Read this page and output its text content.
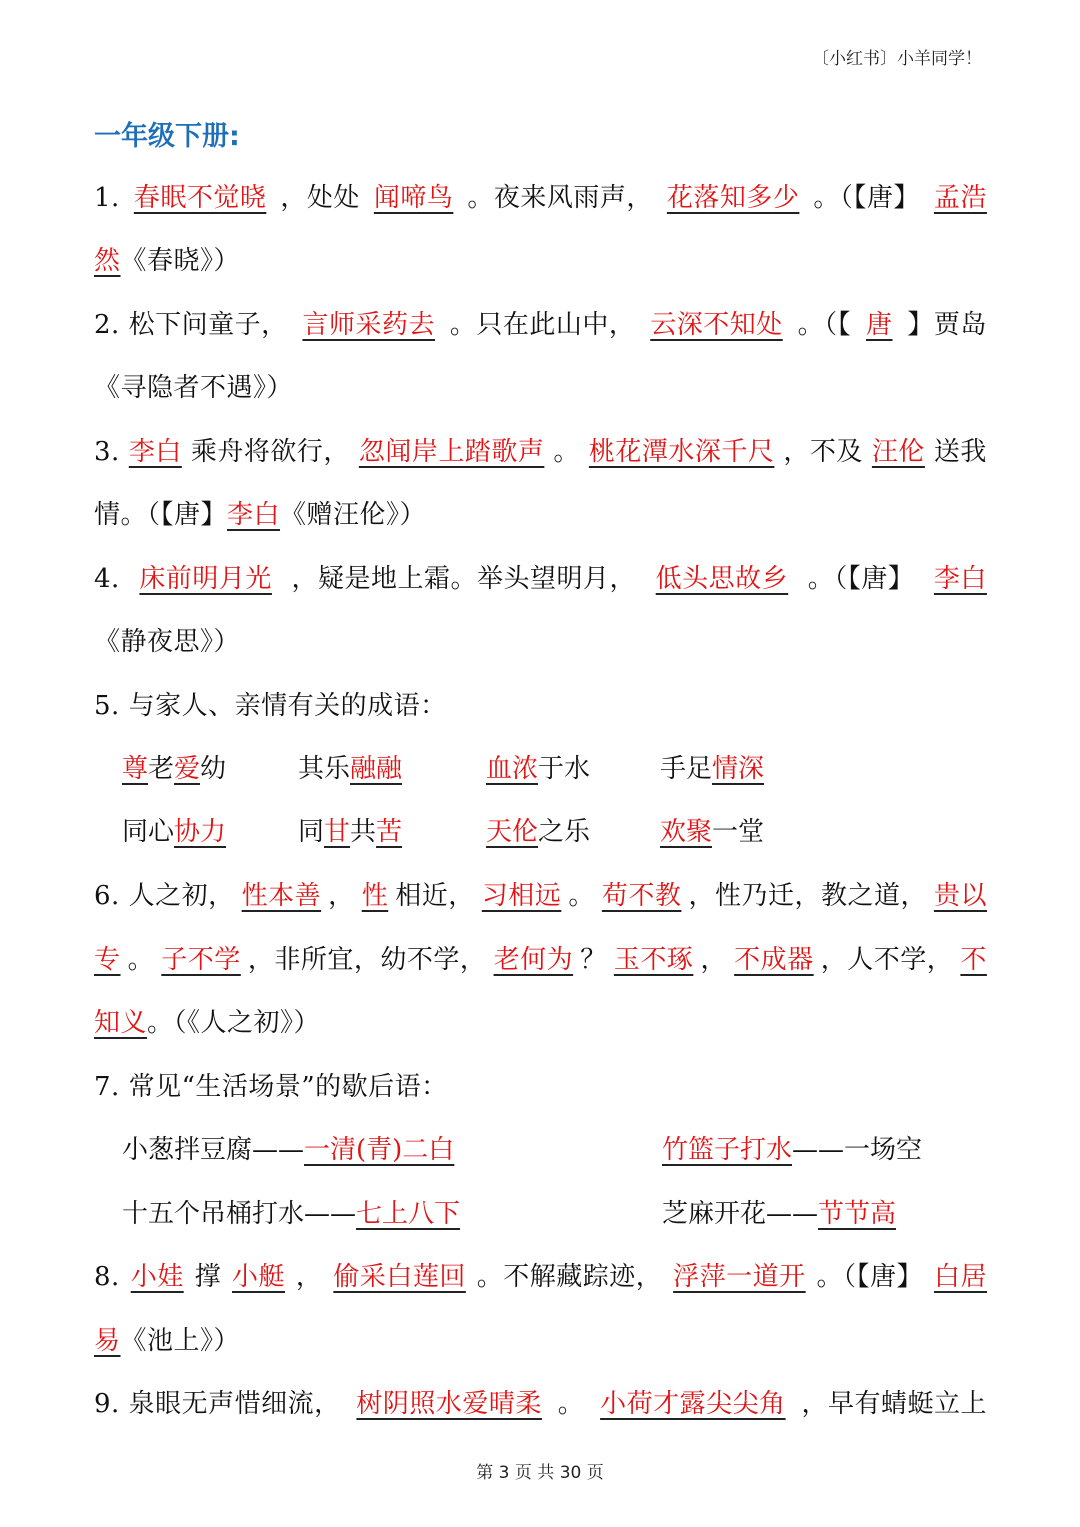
〔小红书〕小羊同学！
一年级下册:
1. 春眠不觉晓 ，处处 闻啼鸟 。夜来风雨声， 花落知多少 。（【唐】 孟浩
然《春晓》）
2. 松下问童子， 言师采药去 。只在此山中， 云深不知处 。（【 唐 】贾岛
《寻隐者不遇》）
3. 李白 乘舟将欲行， 忽闻岸上踏歌声 。 桃花潭水深千尺 ，不及 汪伦 送我
情。（【唐】李白《赠汪伦》）
4. 床前明月光 ，疑是地上霜。举头望明月， 低头思故乡 。（【唐】 李白
《静夜思》）
5. 与家人、亲情有关的成语：
尊老爱幼	其乐融融	血浓于水	手足情深
同心协力	同甘共苦	天伦之乐	欢聚一堂
6. 人之初， 性本善 ， 性 相近， 习相远 。 苟不教 ，性乃迁，教之道， 贵以
专 。 子不学 ，非所宜，幼不学， 老何为 ？ 玉不琢 ， 不成器 ，人不学， 不
知义。（《人之初》）
7. 常见“生活场景”的歇后语：
小葱拌豆腐——一清(青)二白	竹篮子打水——一场空
十五个吊桶打水——七上八下	芝麻开花——节节高
8. 小娃 撑 小艇 ， 偷采白莲回 。不解藏踪迹， 浮萍一道开 。（【唐】 白居
易《池上》）
9. 泉眼无声惜细流， 树阴照水爱晴柔 。 小荷才露尖尖角 ，早有蜻蜓立上
第 3 页 共 30 页
